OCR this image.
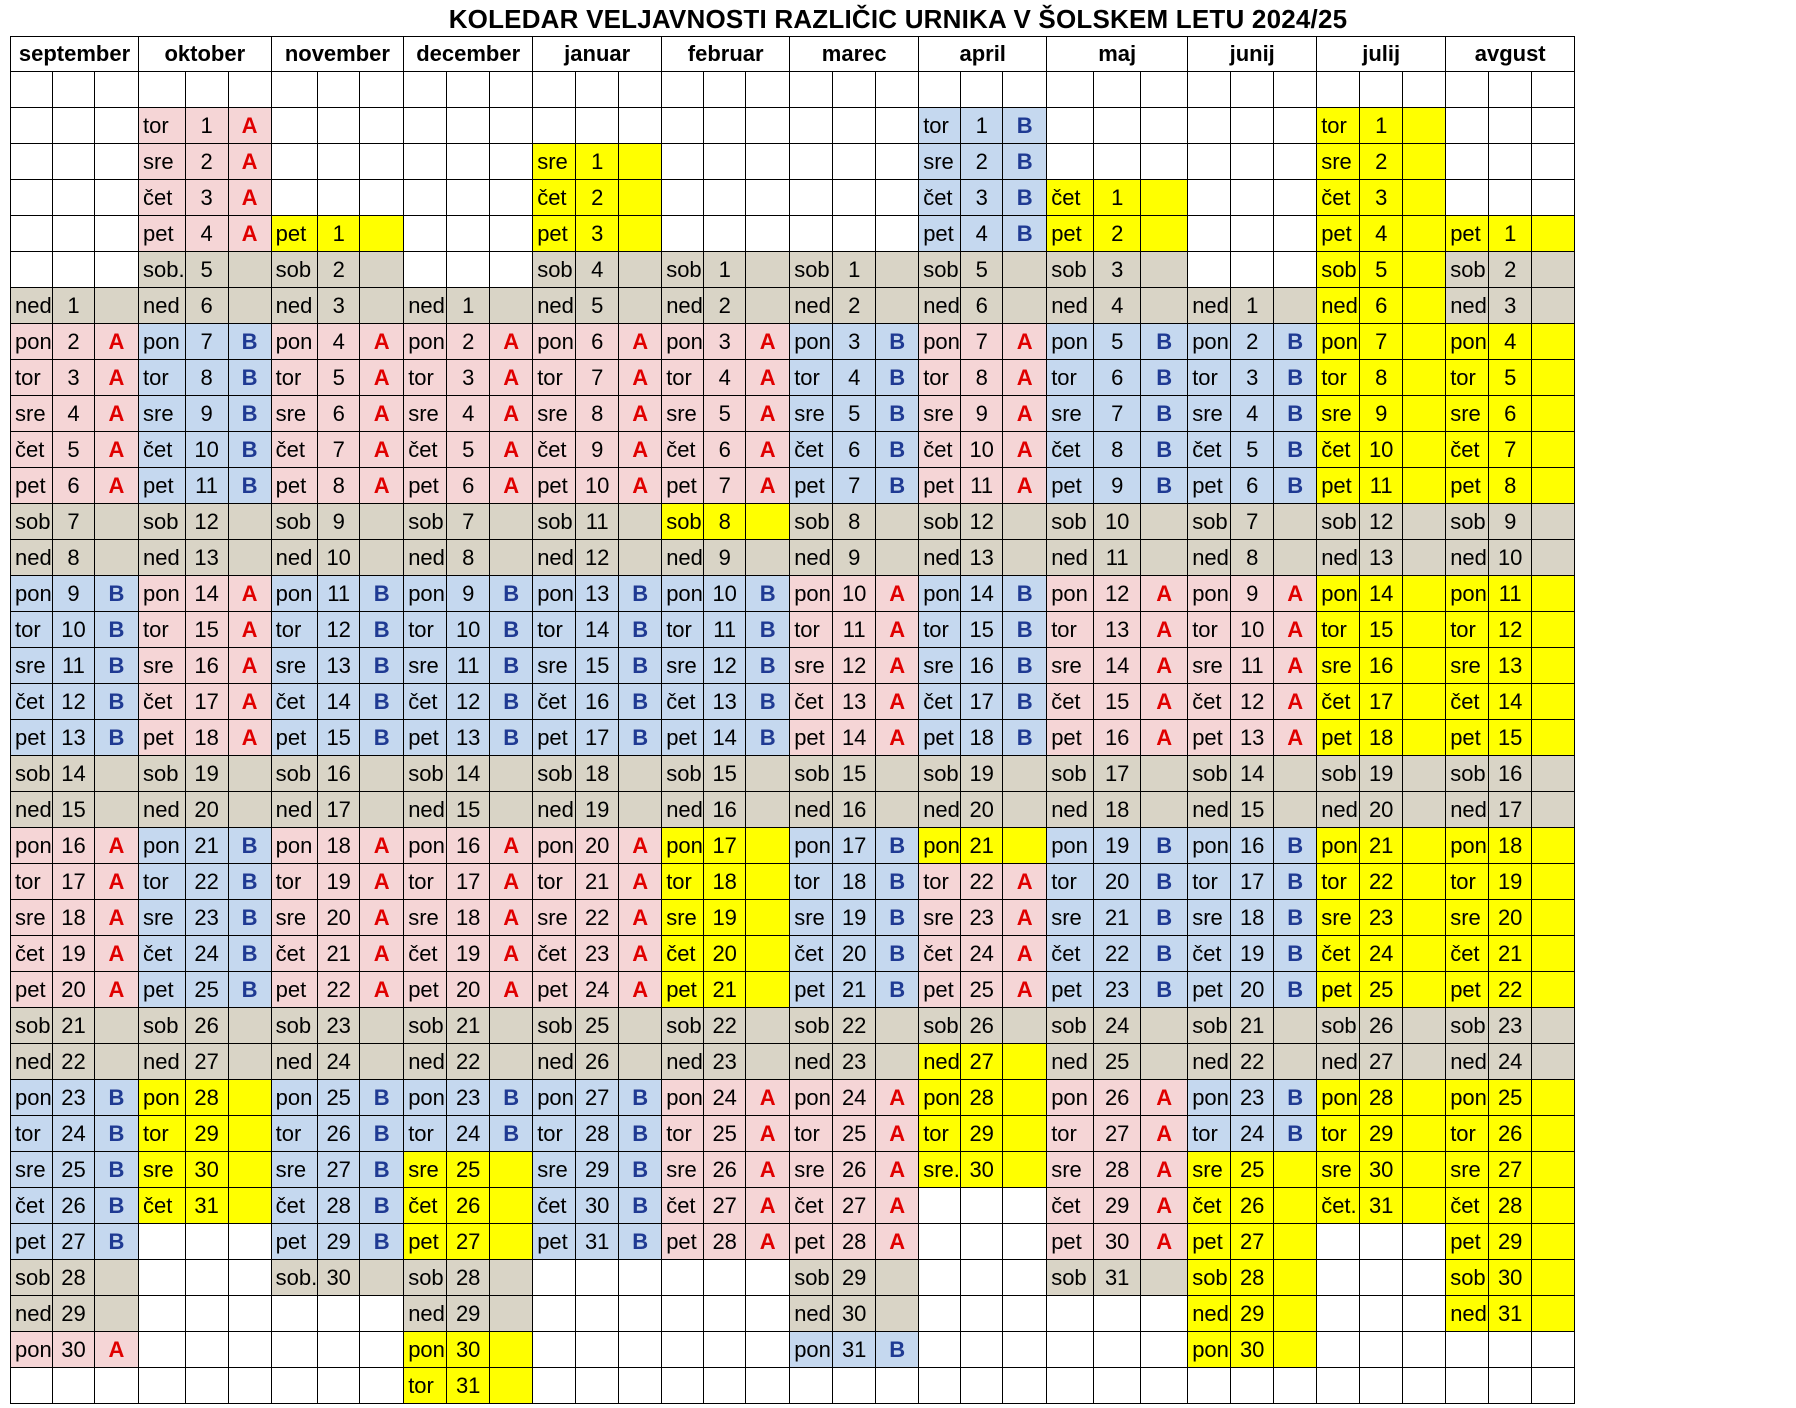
KOLEDAR VELJAVNOSTI RAZLIČIC URNIKA V ŠOLSKEM LETU 2024/25
september			oktober			november			december			januar			februar			marec			april			maj			junij			julij			avgust		

			tor	1	A																tor	1	B							tor	1				
			sre	2	A							sre	1								sre	2	B							sre	2				
			čet	3	A							čet	2								čet	3	B	čet	1					čet	3				
			pet	4	A	pet	1					pet	3								pet	4	B	pet	2					pet	4		pet	1	
			sob.	5		sob	2					sob	4		sob	1		sob	1		sob	5		sob	3					sob	5		sob	2	
ned	1		ned	6		ned	3		ned	1		ned	5		ned	2		ned	2		ned	6		ned	4		ned	1		ned	6		ned	3	
pon	2	A	pon	7	B	pon	4	A	pon	2	A	pon	6	A	pon	3	A	pon	3	B	pon	7	A	pon	5	B	pon	2	B	pon	7		pon	4	
tor	3	A	tor	8	B	tor	5	A	tor	3	A	tor	7	A	tor	4	A	tor	4	B	tor	8	A	tor	6	B	tor	3	B	tor	8		tor	5	
sre	4	A	sre	9	B	sre	6	A	sre	4	A	sre	8	A	sre	5	A	sre	5	B	sre	9	A	sre	7	B	sre	4	B	sre	9		sre	6	
čet	5	A	čet	10	B	čet	7	A	čet	5	A	čet	9	A	čet	6	A	čet	6	B	čet	10	A	čet	8	B	čet	5	B	čet	10		čet	7	
pet	6	A	pet	11	B	pet	8	A	pet	6	A	pet	10	A	pet	7	A	pet	7	B	pet	11	A	pet	9	B	pet	6	B	pet	11		pet	8	
sob	7		sob	12		sob	9		sob	7		sob	11		sob	8		sob	8		sob	12		sob	10		sob	7		sob	12		sob	9	
ned	8		ned	13		ned	10		ned	8		ned	12		ned	9		ned	9		ned	13		ned	11		ned	8		ned	13		ned	10	
pon	9	B	pon	14	A	pon	11	B	pon	9	B	pon	13	B	pon	10	B	pon	10	A	pon	14	B	pon	12	A	pon	9	A	pon	14		pon	11	
tor	10	B	tor	15	A	tor	12	B	tor	10	B	tor	14	B	tor	11	B	tor	11	A	tor	15	B	tor	13	A	tor	10	A	tor	15		tor	12	
sre	11	B	sre	16	A	sre	13	B	sre	11	B	sre	15	B	sre	12	B	sre	12	A	sre	16	B	sre	14	A	sre	11	A	sre	16		sre	13	
čet	12	B	čet	17	A	čet	14	B	čet	12	B	čet	16	B	čet	13	B	čet	13	A	čet	17	B	čet	15	A	čet	12	A	čet	17		čet	14	
pet	13	B	pet	18	A	pet	15	B	pet	13	B	pet	17	B	pet	14	B	pet	14	A	pet	18	B	pet	16	A	pet	13	A	pet	18		pet	15	
sob	14		sob	19		sob	16		sob	14		sob	18		sob	15		sob	15		sob	19		sob	17		sob	14		sob	19		sob	16	
ned	15		ned	20		ned	17		ned	15		ned	19		ned	16		ned	16		ned	20		ned	18		ned	15		ned	20		ned	17	
pon	16	A	pon	21	B	pon	18	A	pon	16	A	pon	20	A	pon	17		pon	17	B	pon	21		pon	19	B	pon	16	B	pon	21		pon	18	
tor	17	A	tor	22	B	tor	19	A	tor	17	A	tor	21	A	tor	18		tor	18	B	tor	22	A	tor	20	B	tor	17	B	tor	22		tor	19	
sre	18	A	sre	23	B	sre	20	A	sre	18	A	sre	22	A	sre	19		sre	19	B	sre	23	A	sre	21	B	sre	18	B	sre	23		sre	20	
čet	19	A	čet	24	B	čet	21	A	čet	19	A	čet	23	A	čet	20		čet	20	B	čet	24	A	čet	22	B	čet	19	B	čet	24		čet	21	
pet	20	A	pet	25	B	pet	22	A	pet	20	A	pet	24	A	pet	21		pet	21	B	pet	25	A	pet	23	B	pet	20	B	pet	25		pet	22	
sob	21		sob	26		sob	23		sob	21		sob	25		sob	22		sob	22		sob	26		sob	24		sob	21		sob	26		sob	23	
ned	22		ned	27		ned	24		ned	22		ned	26		ned	23		ned	23		ned	27		ned	25		ned	22		ned	27		ned	24	
pon	23	B	pon	28		pon	25	B	pon	23	B	pon	27	B	pon	24	A	pon	24	A	pon	28		pon	26	A	pon	23	B	pon	28		pon	25	
tor	24	B	tor	29		tor	26	B	tor	24	B	tor	28	B	tor	25	A	tor	25	A	tor	29		tor	27	A	tor	24	B	tor	29		tor	26	
sre	25	B	sre	30		sre	27	B	sre	25		sre	29	B	sre	26	A	sre	26	A	sre.	30		sre	28	A	sre	25		sre	30		sre	27	
čet	26	B	čet	31		čet	28	B	čet	26		čet	30	B	čet	27	A	čet	27	A				čet	29	A	čet	26		čet.	31		čet	28	
pet	27	B				pet	29	B	pet	27		pet	31	B	pet	28	A	pet	28	A				pet	30	A	pet	27					pet	29	
sob	28					sob.	30		sob	28								sob	29					sob	31		sob	28					sob	30	
ned	29								ned	29								ned	30								ned	29					ned	31	
pon	30	A							pon	30								pon	31	B							pon	30							
									tor	31																									
